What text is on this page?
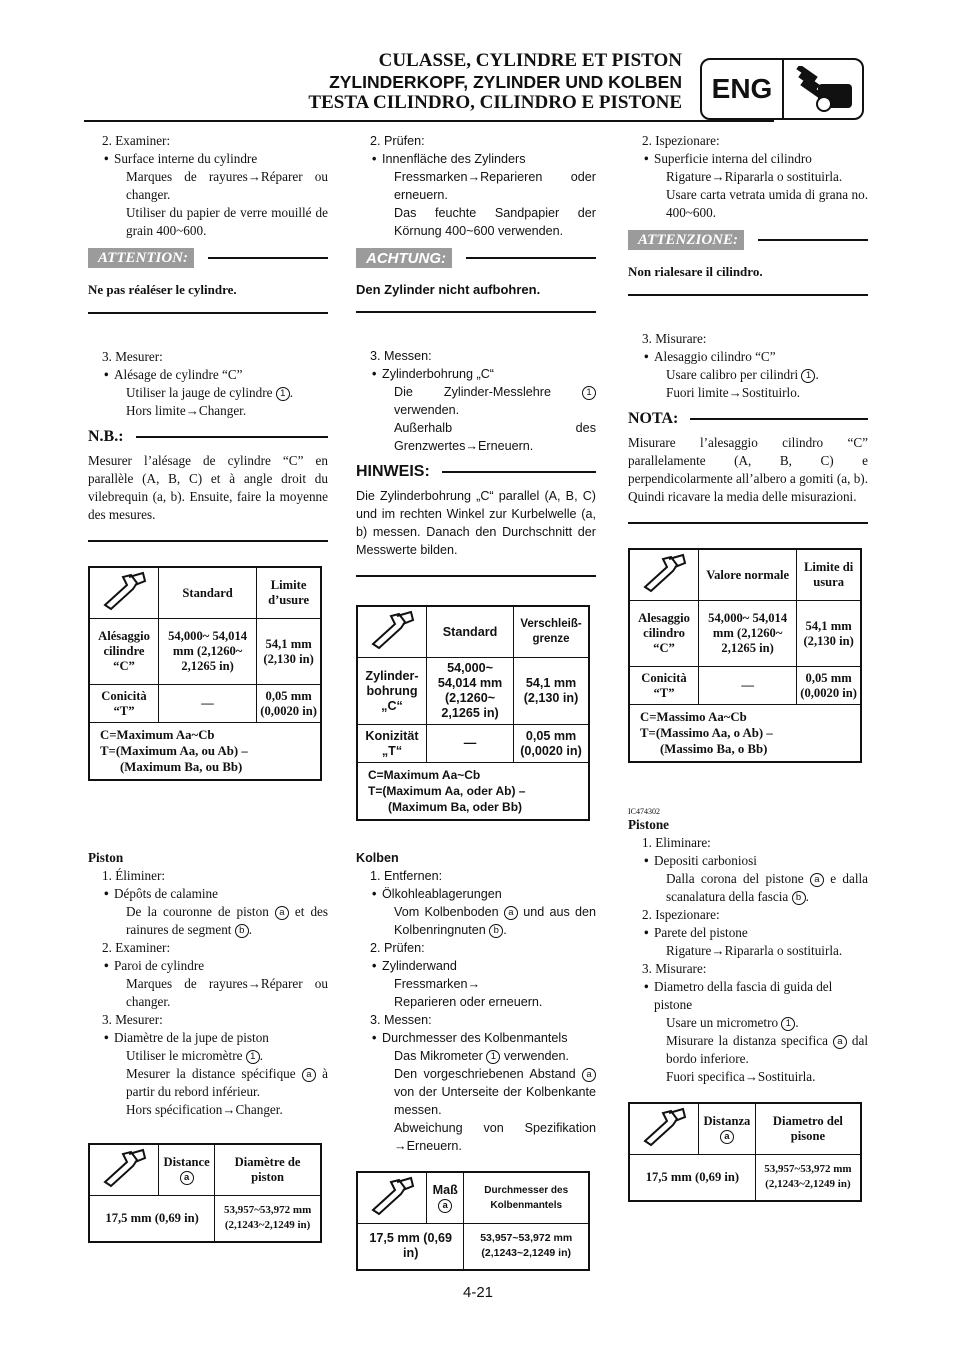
CULASSE, CYLINDRE ET PISTON
ZYLINDERKOPF, ZYLINDER UND KOLBEN
TESTA CILINDRO, CILINDRO E PISTONE	ENG
2. Examiner:
• Surface interne du cylindre
Marques de rayures→Réparer ou changer.
Utiliser du papier de verre mouillé de grain 400~600.
ATTENTION:
Ne pas réaléser le cylindre.
3. Mesurer:
• Alésage de cylindre “C”
Utiliser la jauge de cylindre 1 .
Hors limite→Changer.
N.B.:
Mesurer l’alésage de cylindre “C” en parallèle (A, B, C) et à angle droit du vilebrequin (a, b). Ensuite, faire la moyenne des mesures.
	Standard	Limite d’usure
Alésaggio cilindre “C”	54,000~ 54,014 mm (2,1260~ 2,1265 in)	54,1 mm (2,130 in)
Conicità “T”	—	0,05 mm (0,0020 in)

C=Maximum Aa~Cb
T=(Maximum Aa, ou Ab) –
(Maximum Ba, ou Bb)		
Piston
1. Éliminer:
• Dépôts de calamine
De la couronne de piston a et des rainures de segment b .
2. Examiner:
• Paroi de cylindre
Marques de rayures→Réparer ou changer.
3. Mesurer:
• Diamètre de la jupe de piston
Utiliser le micromètre 1 .
Mesurer la distance spécifique a à partir du rebord inférieur.
Hors spécification→Changer.
	Distance a	Diamètre de piston
17,5 mm (0,69 in)		53,957~53,972 mm (2,1243~2,1249 in)
2. Prüfen:
• Innenfläche des Zylinders
Fressmarken→Reparieren oder erneuern.
Das feuchte Sandpapier der Körnung 400~600 verwenden.
ACHTUNG:
Den Zylinder nicht aufbohren.
3. Messen:
• Zylinderbohrung „C“
Die Zylinder-Messlehre	1 verwenden.
Außerhalb des Grenzwertes→Erneuern.
HINWEIS:
Die Zylinderbohrung „C“ parallel (A, B, C) und im rechten Winkel zur Kurbelwelle (a, b) messen. Danach den Durchschnitt der Messwerte bilden.
	Standard	Verschleiß-grenze
Zylinder-bohrung „C“	54,000~ 54,014 mm (2,1260~ 2,1265 in)	54,1 mm (2,130 in)
Konizität „T“	—	0,05 mm (0,0020 in)

C=Maximum Aa~Cb
T=(Maximum Aa, oder Ab) –
(Maximum Ba, oder Bb)		
Kolben
1. Entfernen:
• Ölkohleablagerungen
Vom Kolbenboden a und aus den Kolbenringnuten b .
2. Prüfen:
• Zylinderwand
Fressmarken→
Reparieren oder erneuern.
3. Messen:
• Durchmesser des Kolbenmantels
Das Mikrometer 1 verwenden.
Den vorgeschriebenen Abstand a von der Unterseite der Kolbenkante messen.
Abweichung von Spezifikation →Erneuern.
	Maß a	Durchmesser des Kolbenmantels
17,5 mm (0,69 in)		53,957~53,972 mm (2,1243~2,1249 in)
2. Ispezionare:
• Superficie interna del cilindro
Rigature→Ripararla o sostituirla.
Usare carta vetrata umida di grana no. 400~600.
ATTENZIONE:
Non rialesare il cilindro.
3. Misurare:
• Alesaggio cilindro “C”
Usare calibro per cilindri 1 .
Fuori limite→Sostituirlo.
NOTA:
Misurare l’alesaggio cilindro “C” parallelamente (A, B, C) e perpendicolarmente all’albero a gomiti (a, b). Quindi ricavare la media delle misurazioni.
	Valore normale	Limite di usura
Alesaggio cilindro “C”	54,000~ 54,014 mm (2,1260~ 2,1265 in)	54,1 mm (2,130 in)
Conicità “T”	—	0,05 mm (0,0020 in)

C=Massimo Aa~Cb
T=(Massimo Aa, o Ab) –
(Massimo Ba, o Bb)		
IC474302
Pistone
1. Eliminare:
• Depositi carboniosi
Dalla corona del pistone a e dalla scanalatura della fascia b .
2. Ispezionare:
• Parete del pistone
Rigature→Ripararla o sostituirla.
3. Misurare:
• Diametro della fascia di guida del pistone
Usare un micrometro 1 .
Misurare la distanza specifica a dal bordo inferiore.
Fuori specifica→Sostituirla.
	Distanza a	Diametro del pisone
17,5 mm (0,69 in)		53,957~53,972 mm (2,1243~2,1249 in)
4-21
